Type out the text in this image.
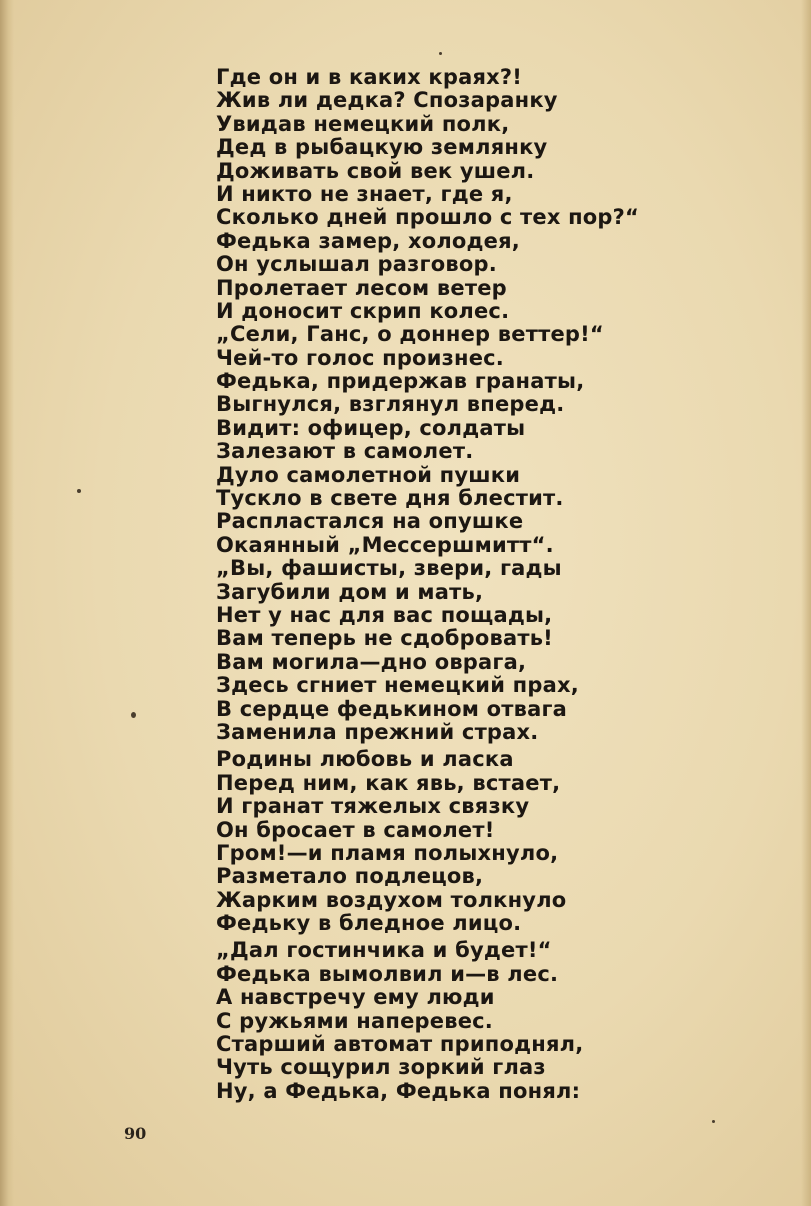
Где он и в каких краях?!
Жив ли дедка? Спозаранку
Увидав немецкий полк,
Дед в рыбацкую землянку
Доживать свой век ушел.
И никто не знает, где я,
Сколько дней прошло с тех пор?“
Федька замер, холодея,
Он услышал разговор.
Пролетает лесом ветер
И доносит скрип колес.
„Сели, Ганс, о доннер веттер!“
Чей-то голос произнес.
Федька, придержав гранаты,
Выгнулся, взглянул вперед.
Видит: офицер, солдаты
Залезают в самолет.
Дуло самолетной пушки
Тускло в свете дня блестит.
Распластался на опушке
Окаянный „Мессершмитт“.
„Вы, фашисты, звери, гады
Загубили дом и мать,
Нет у нас для вас пощады,
Вам теперь не сдобровать!
Вам могила—дно оврага,
Здесь сгниет немецкий прах,
В сердце федькином отвага
Заменила прежний страх.
Родины любовь и ласка
Перед ним, как явь, встает,
И гранат тяжелых связку
Он бросает в самолет!
Гром!—и пламя полыхнуло,
Разметало подлецов,
Жарким воздухом толкнуло
Федьку в бледное лицо.
„Дал гостинчика и будет!“
Федька вымолвил и—в лес.
А навстречу ему люди
С ружьями наперевес.
Старший автомат приподнял,
Чуть сощурил зоркий глаз
Ну, а Федька, Федька понял:
90
